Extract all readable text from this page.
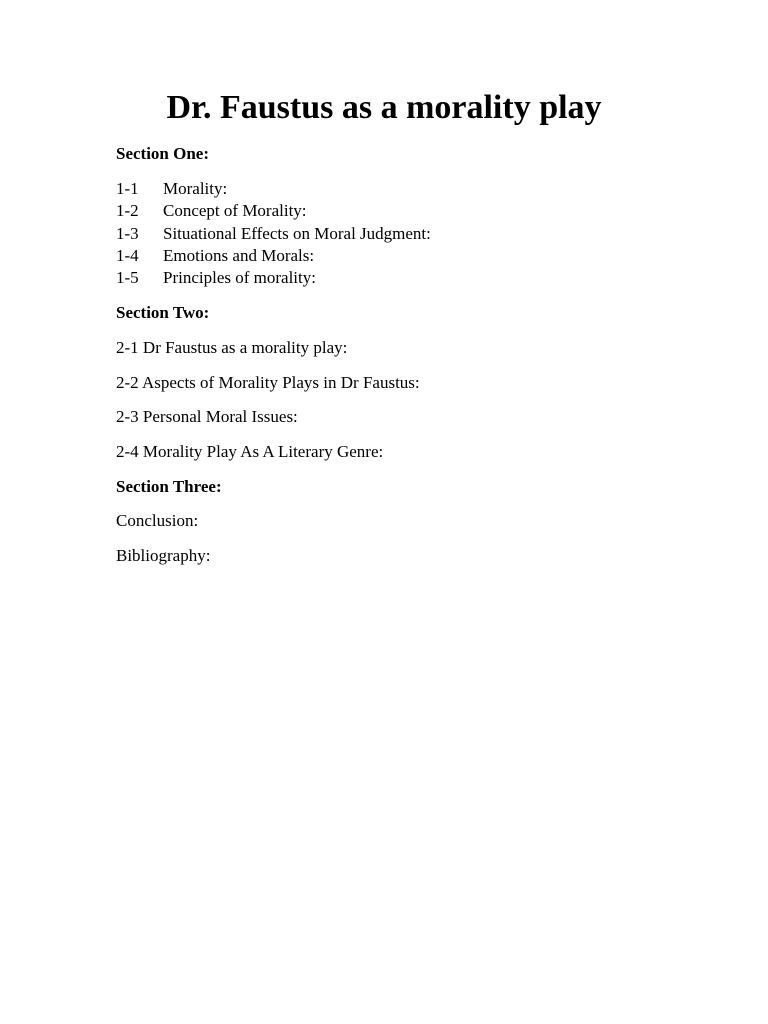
Dr. Faustus as a morality play
Section One:
1-1 Morality:
1-2 Concept of Morality:
1-3 Situational Effects on Moral Judgment:
1-4 Emotions and Morals:
1-5 Principles of morality:
Section Two:
2-1 Dr Faustus as a morality play:
2-2 Aspects of Morality Plays in Dr Faustus:
2-3 Personal Moral Issues:
2-4 Morality Play As A Literary Genre:
Section Three:
Conclusion:
Bibliography:
